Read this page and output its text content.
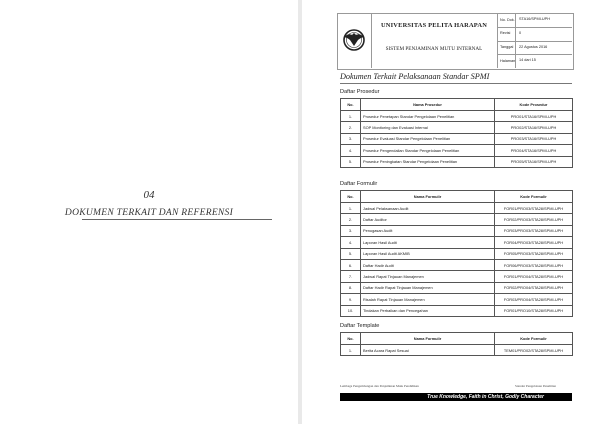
04
DOKUMEN TERKAIT DAN REFERENSI
UNIVERSITAS PELITA HARAPAN
SISTEM PENJAMINAN MUTU INTERNAL
No. Dok.	STA16/SPMI-UPH
Revisi	0
Tanggal	22 Agustus 2016
Halaman 14 dari 15
Dokumen Terkait Pelaksanaan Standar SPMI
Daftar Prosedur
No.	Nama Prosedur	Kode Prosedur
1.	Prosedur Penetapan Standar Pengelolaan Penelitian	PRO01/STA16/SPMI-UPH
2.	SOP Monitoring dan Evaluasi Internal	PRO02/STA16/SPMI-UPH
3.	Prosedur Evaluasi Standar Pengelolaan Penelitian	PRO03/STA16/SPMI-UPH
4.	Prosedur Pengendalian Standar Pengelolaan Penelitian	PRO04/STA16/SPMI-UPH
5.	Prosedur Peningkatan Standar Pengelolaan Penelitian	PRO05/STA16/SPMI-UPH
Daftar Formulir
No.	Nama Formulir	Kode Formulir
1.	Jadwal Pelaksanaan Audit	FOR01/PRO03/STA28/SPMI-UPH
2.	Daftar Auditor	FOR02/PRO03/STA28/SPMI-UPH
3.	Penugasan Audit	FOR03/PRO03/STA28/SPMI-UPH
4.	Laporan Hasil Audit	FOR04/PRO03/STA28/SPMI-UPH
5.	Laporan Hasil Audit AKMIB	FOR05/PRO03/STA28/SPMI-UPH
6.	Daftar Hadir Audit	FOR06/PRO03/STA28/SPMI-UPH
7.	Jadwal Rapat Tinjauan Manajemen	FOR01/PRO04/STA28/SPMI-UPH
8.	Daftar Hadir Rapat Tinjauan Manajemen	FOR02/PRO04/STA28/SPMI-UPH
9.	Risalah Rapat Tinjauan Manajemen	FOR03/PRO04/STA28/SPMI-UPH
10.	Tindakan Perbaikan dan Pencegahan	FOR01/PRO10/STA28/SPMI-UPH
Daftar Template
No.	Nama Formulir	Kode Formulir
1.	Berita Acara Rapat Sesuai	TEM01/PRO02/STA28/SPMI-UPH
Lembaga Pengembangan dan Penjaminan Mutu Pendidikan	Standar Pengelolaan Penelitian
True Knowledge, Faith in Christ, Godly Character
